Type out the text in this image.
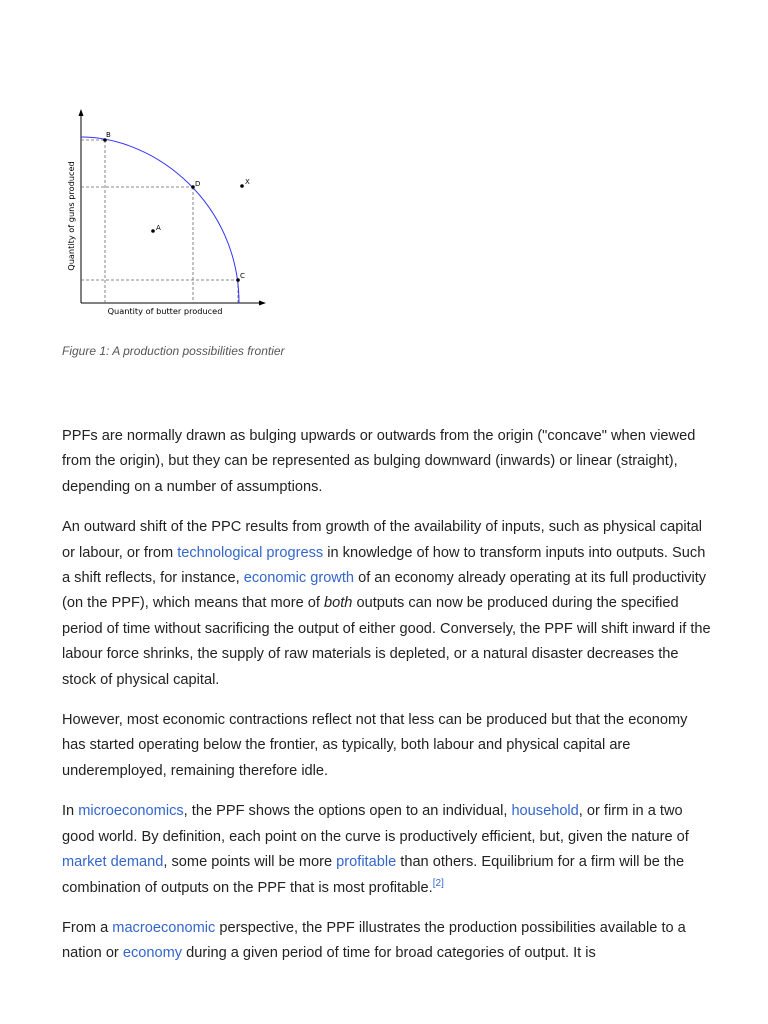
B
D
C
A
X
Quantity of guns produced
Quantity of butter produced
Figure 1: A production possibilities frontier

PPFs are normally drawn as bulging upwards or outwards from the origin ("concave" when viewed from the origin), but they can be represented as bulging downward (inwards) or linear (straight), depending on a number of assumptions.

An outward shift of the PPC results from growth of the availability of inputs, such as physical capital or labour, or from technological progress in knowledge of how to transform inputs into outputs. Such a shift reflects, for instance, economic growth of an economy already operating at its full productivity (on the PPF), which means that more of both outputs can now be produced during the specified period of time without sacrificing the output of either good. Conversely, the PPF will shift inward if the labour force shrinks, the supply of raw materials is depleted, or a natural disaster decreases the stock of physical capital.

However, most economic contractions reflect not that less can be produced but that the economy has started operating below the frontier, as typically, both labour and physical capital are underemployed, remaining therefore idle.

In microeconomics, the PPF shows the options open to an individual, household, or firm in a two good world. By definition, each point on the curve is productively efficient, but, given the nature of market demand, some points will be more profitable than others. Equilibrium for a firm will be the combination of outputs on the PPF that is most profitable.[2]

From a macroeconomic perspective, the PPF illustrates the production possibilities available to a nation or economy during a given period of time for broad categories of output. It is
